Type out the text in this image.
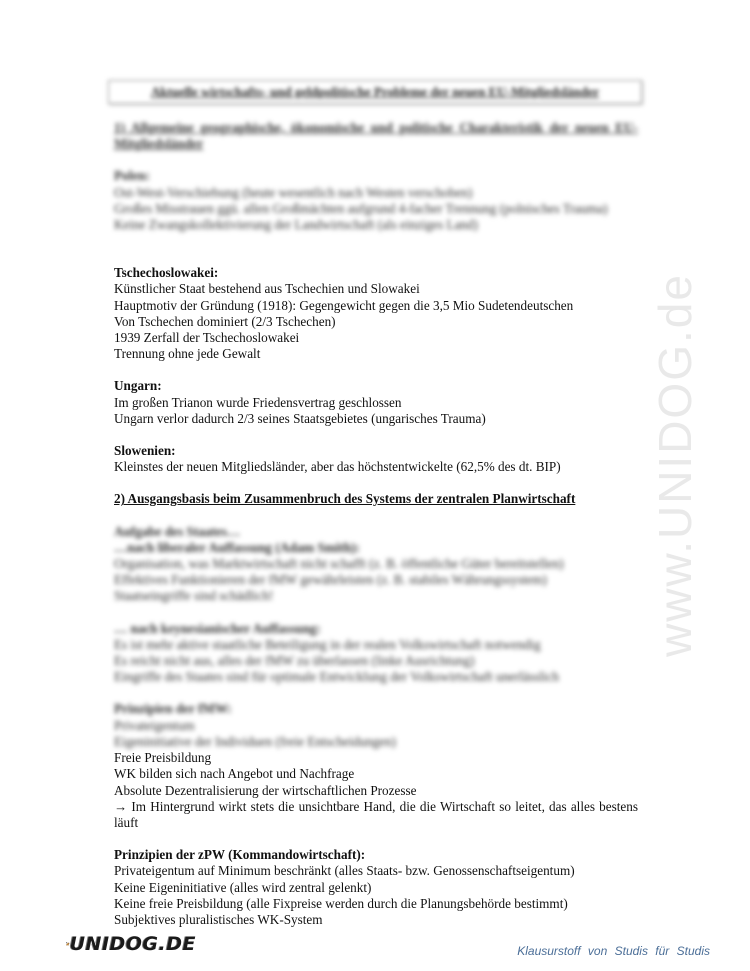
Aktuelle wirtschafts- und geldpolitische Probleme der neuen EU-Mitgliedsländer
1) Allgemeine geographische, ökonomische und politische Charakteristik der neuen EU-Mitgliedsländer
Polen:
Ost-West-Verschiebung (heute wesentlich nach Westen verschoben)
Großes Misstrauen ggü. allen Großmächten aufgrund 4-facher Trennung (polnisches Trauma)
Keine Zwangskollektivierung der Landwirtschaft (als einziges Land)
Tschechoslowakei:
Künstlicher Staat bestehend aus Tschechien und Slowakei
Hauptmotiv der Gründung (1918): Gegengewicht gegen die 3,5 Mio Sudetendeutschen
Von Tschechen dominiert (2/3 Tschechen)
1939 Zerfall der Tschechoslowakei
Trennung ohne jede Gewalt
Ungarn:
Im großen Trianon wurde Friedensvertrag geschlossen
Ungarn verlor dadurch 2/3 seines Staatsgebietes (ungarisches Trauma)
Slowenien:
Kleinstes der neuen Mitgliedsländer, aber das höchstentwickelte (62,5% des dt. BIP)
2) Ausgangsbasis beim Zusammenbruch des Systems der zentralen Planwirtschaft
Aufgabe des Staates…
…nach liberaler Auffassung (Adam Smith):
Organisation, was Marktwirtschaft nicht schafft (z. B. öffentliche Güter bereitstellen)
Effektives Funktionieren der fMW gewährleisten (z. B. stabiles Währungssystem)
Staatseingriffe sind schädlich!
… nach keynesianischer Auffassung:
Es ist mehr aktive staatliche Beteiligung in der realen Volkswirtschaft notwendig
Es reicht nicht aus, alles der fMW zu überlassen (linke Ausrichtung)
Eingriffe des Staates sind für optimale Entwicklung der Volkswirtschaft unerlässlich
Prinzipien der fMW:
Privateigentum
Eigeninitiative der Individuen (freie Entscheidungen)
Freie Preisbildung
WK bilden sich nach Angebot und Nachfrage
Absolute Dezentralisierung der wirtschaftlichen Prozesse
→ Im Hintergrund wirkt stets die unsichtbare Hand, die die Wirtschaft so leitet, das alles bestens läuft
Prinzipien der zPW (Kommandowirtschaft):
Privateigentum auf Minimum beschränkt (alles Staats- bzw. Genossenschaftseigentum)
Keine Eigeninitiative (alles wird zentral gelenkt)
Keine freie Preisbildung (alle Fixpreise werden durch die Planungsbehörde bestimmt)
Subjektives pluralistisches WK-System
www.UNIDOG.de
UNIDOG.DE	Klausurstoff von Studis für Studis
